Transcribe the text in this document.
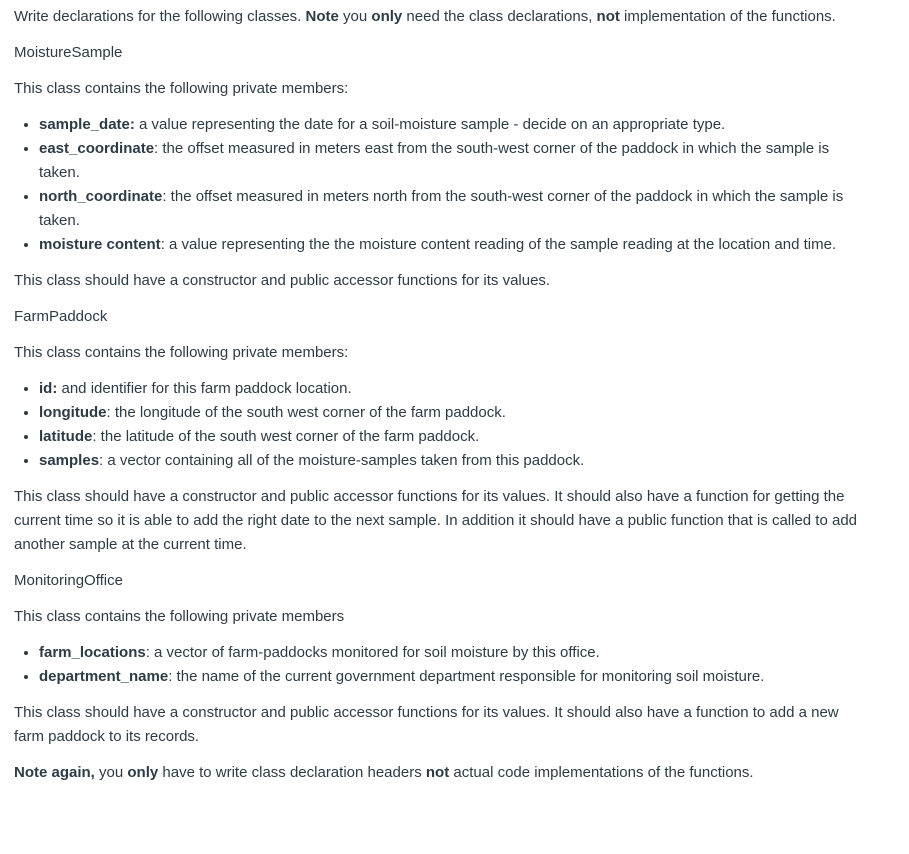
Write declarations for the following classes. Note you only need the class declarations, not implementation of the functions.

MoistureSample

This class contains the following private members:

• sample_date: a value representing the date for a soil-moisture sample - decide on an appropriate type.
• east_coordinate: the offset measured in meters east from the south-west corner of the paddock in which the sample is taken.
• north_coordinate: the offset measured in meters north from the south-west corner of the paddock in which the sample is taken.
• moisture content: a value representing the the moisture content reading of the sample reading at the location and time.

This class should have a constructor and public accessor functions for its values.

FarmPaddock

This class contains the following private members:

• id: and identifier for this farm paddock location.
• longitude: the longitude of the south west corner of the farm paddock.
• latitude: the latitude of the south west corner of the farm paddock.
• samples: a vector containing all of the moisture-samples taken from this paddock.

This class should have a constructor and public accessor functions for its values. It should also have a function for getting the current time so it is able to add the right date to the next sample. In addition it should have a public function that is called to add another sample at the current time.

MonitoringOffice

This class contains the following private members

• farm_locations: a vector of farm-paddocks monitored for soil moisture by this office.
• department_name: the name of the current government department responsible for monitoring soil moisture.

This class should have a constructor and public accessor functions for its values. It should also have a function to add a new farm paddock to its records.

Note again, you only have to write class declaration headers not actual code implementations of the functions.
